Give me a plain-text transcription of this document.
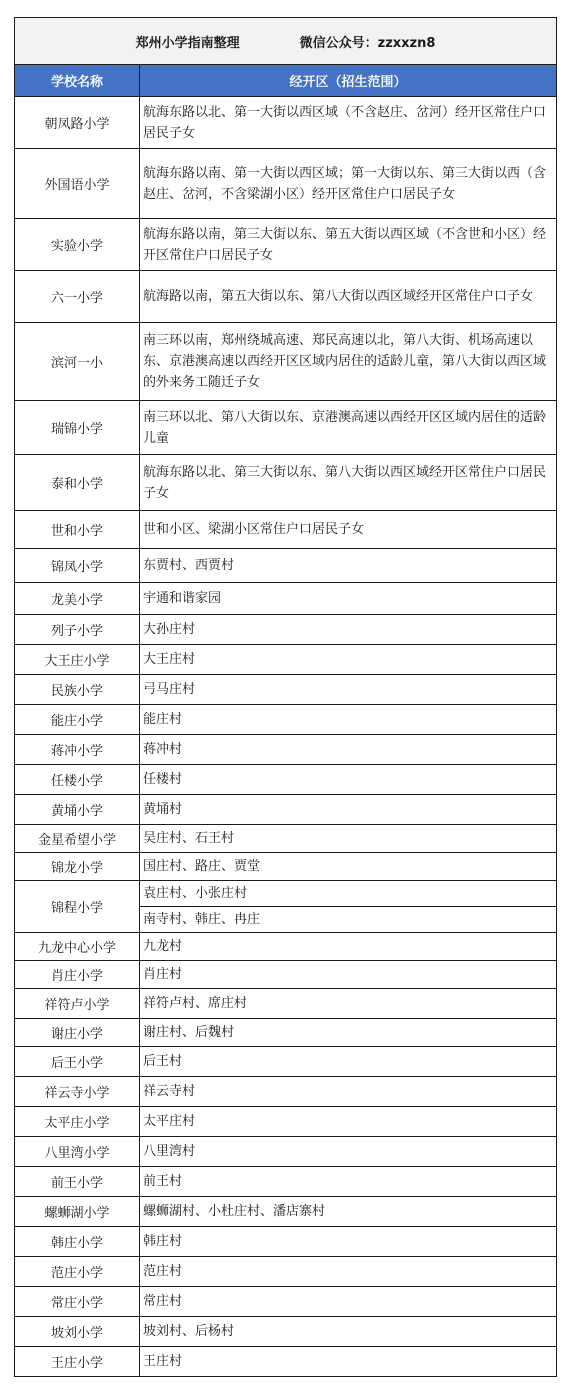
郑州小学指南整理 微信公众号：zzxxzn8	
学校名称	经开区（招生范围）
朝凤路小学	航海东路以北、第一大街以西区域（不含赵庄、岔河）经开区常住户口居民子女
外国语小学	航海东路以南、第一大街以西区域；第一大街以东、第三大街以西（含赵庄、岔河，不含梁湖小区）经开区常住户口居民子女
实验小学	航海东路以南，第三大街以东、第五大街以西区域（不含世和小区）经开区常住户口居民子女
六一小学	航海路以南，第五大街以东、第八大街以西区域经开区常住户口子女
滨河一小	南三环以南，郑州绕城高速、郑民高速以北，第八大街、机场高速以东、京港澳高速以西经开区区域内居住的适龄儿童，第八大街以西区域的外来务工随迁子女
瑞锦小学	南三环以北、第八大街以东、京港澳高速以西经开区区域内居住的适龄儿童
泰和小学	航海东路以北、第三大街以东、第八大街以西区域经开区常住户口居民子女
世和小学	世和小区、梁湖小区常住户口居民子女
锦凤小学	东贾村、西贾村
龙美小学	宇通和谐家园
列子小学	大孙庄村
大王庄小学	大王庄村
民族小学	弓马庄村
能庄小学	能庄村
蒋冲小学	蒋冲村
任楼小学	任楼村
黄埇小学	黄埇村
金星希望小学	吴庄村、石王村
锦龙小学	国庄村、路庄、贾堂
锦程小学	袁庄村、小张庄村
	南寺村、韩庄、冉庄
九龙中心小学	九龙村
肖庄小学	肖庄村
祥符卢小学	祥符卢村、席庄村
谢庄小学	谢庄村、后魏村
后王小学	后王村
祥云寺小学	祥云寺村
太平庄小学	太平庄村
八里湾小学	八里湾村
前王小学	前王村
螺蛳湖小学	螺蛳湖村、小杜庄村、潘店寨村
韩庄小学	韩庄村
范庄小学	范庄村
常庄小学	常庄村
坡刘小学	坡刘村、后杨村
王庄小学	王庄村
